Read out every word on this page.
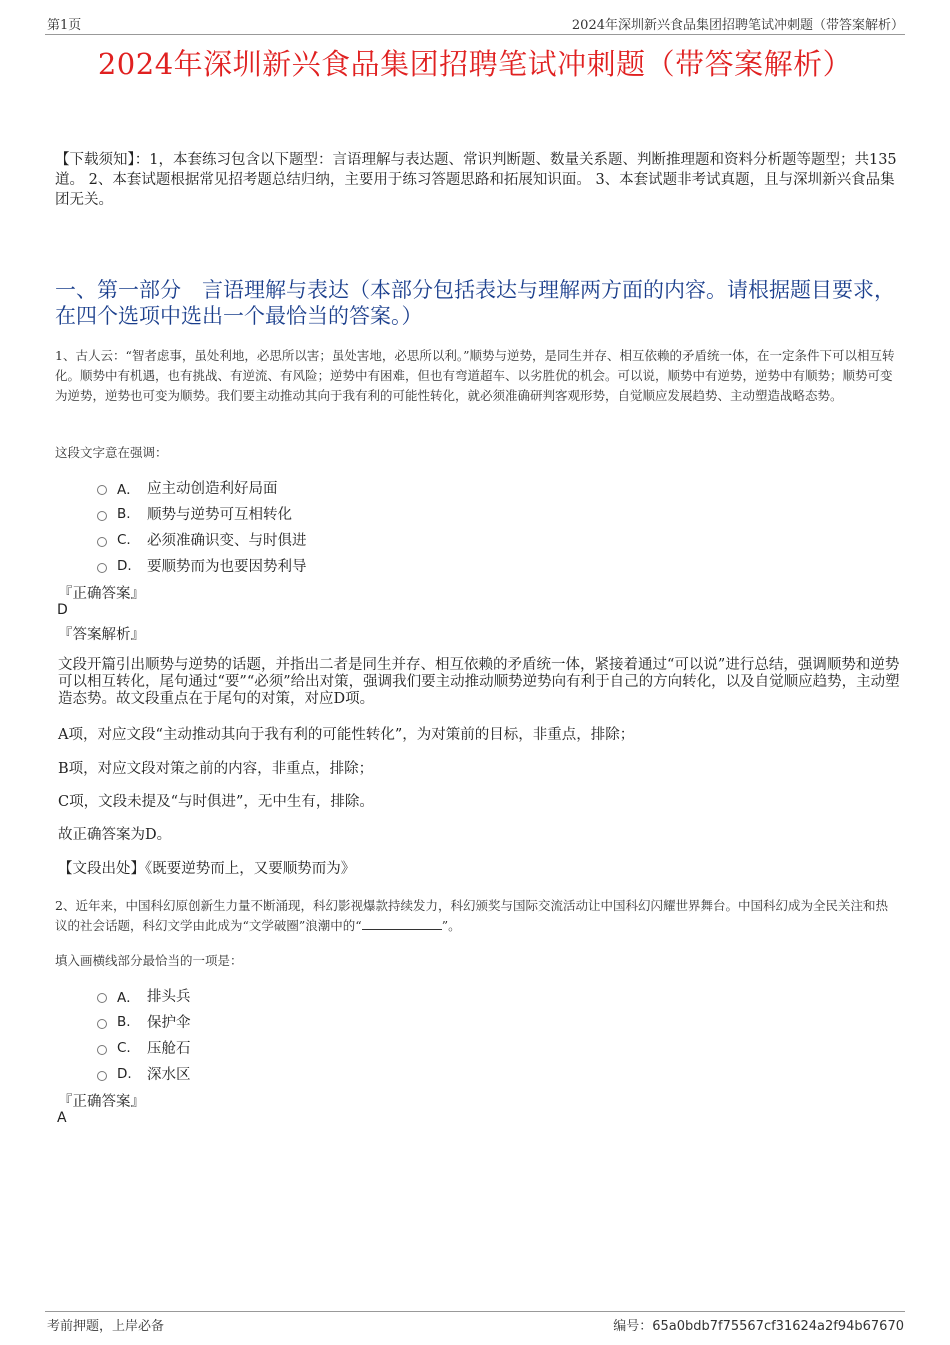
第1页	2024年深圳新兴食品集团招聘笔试冲刺题（带答案解析）
2024年深圳新兴食品集团招聘笔试冲刺题（带答案解析）
【下载须知】：1，本套练习包含以下题型：言语理解与表达题、常识判断题、数量关系题、判断推理题和资料分析题等题型；共135道。 2、本套试题根据常见招考题总结归纳，主要用于练习答题思路和拓展知识面。 3、本套试题非考试真题，且与深圳新兴食品集团无关。
一、第一部分　言语理解与表达（本部分包括表达与理解两方面的内容。请根据题目要求，在四个选项中选出一个最恰当的答案。）
1、古人云：“智者虑事，虽处利地，必思所以害；虽处害地，必思所以利。”顺势与逆势，是同生并存、相互依赖的矛盾统一体，在一定条件下可以相互转化。顺势中有机遇，也有挑战、有逆流、有风险；逆势中有困难，但也有弯道超车、以劣胜优的机会。可以说，顺势中有逆势，逆势中有顺势；顺势可变为逆势，逆势也可变为顺势。我们要主动推动其向于我有利的可能性转化，就必须准确研判客观形势，自觉顺应发展趋势、主动塑造战略态势。
这段文字意在强调：
A． 应主动创造利好局面
B.	顺势与逆势可互相转化
C.	必须准确识变、与时俱进
D.	要顺势而为也要因势利导
『正确答案』
D
『答案解析』
文段开篇引出顺势与逆势的话题，并指出二者是同生并存、相互依赖的矛盾统一体，紧接着通过“可以说”进行总结，强调顺势和逆势可以相互转化，尾句通过“要”“必须”给出对策，强调我们要主动推动顺势逆势向有利于自己的方向转化，以及自觉顺应趋势，主动塑造态势。故文段重点在于尾句的对策，对应D项。
A项，对应文段“主动推动其向于我有利的可能性转化”，为对策前的目标，非重点，排除；
B项，对应文段对策之前的内容，非重点，排除；
C项，文段未提及“与时俱进”，无中生有，排除。
故正确答案为D。
【文段出处】《既要逆势而上，又要顺势而为》
2、近年来，中国科幻原创新生力量不断涌现，科幻影视爆款持续发力，科幻颁奖与国际交流活动让中国科幻闪耀世界舞台。中国科幻成为全民关注和热议的社会话题，科幻文学由此成为“文学破圈”浪潮中的“	”。
填入画横线部分最恰当的一项是：
A． 排头兵
B.	保护伞
C.	压舱石
D.	深水区
『正确答案』
A
考前押题，上岸必备	编号：65a0bdb7f75567cf31624a2f94b67670
